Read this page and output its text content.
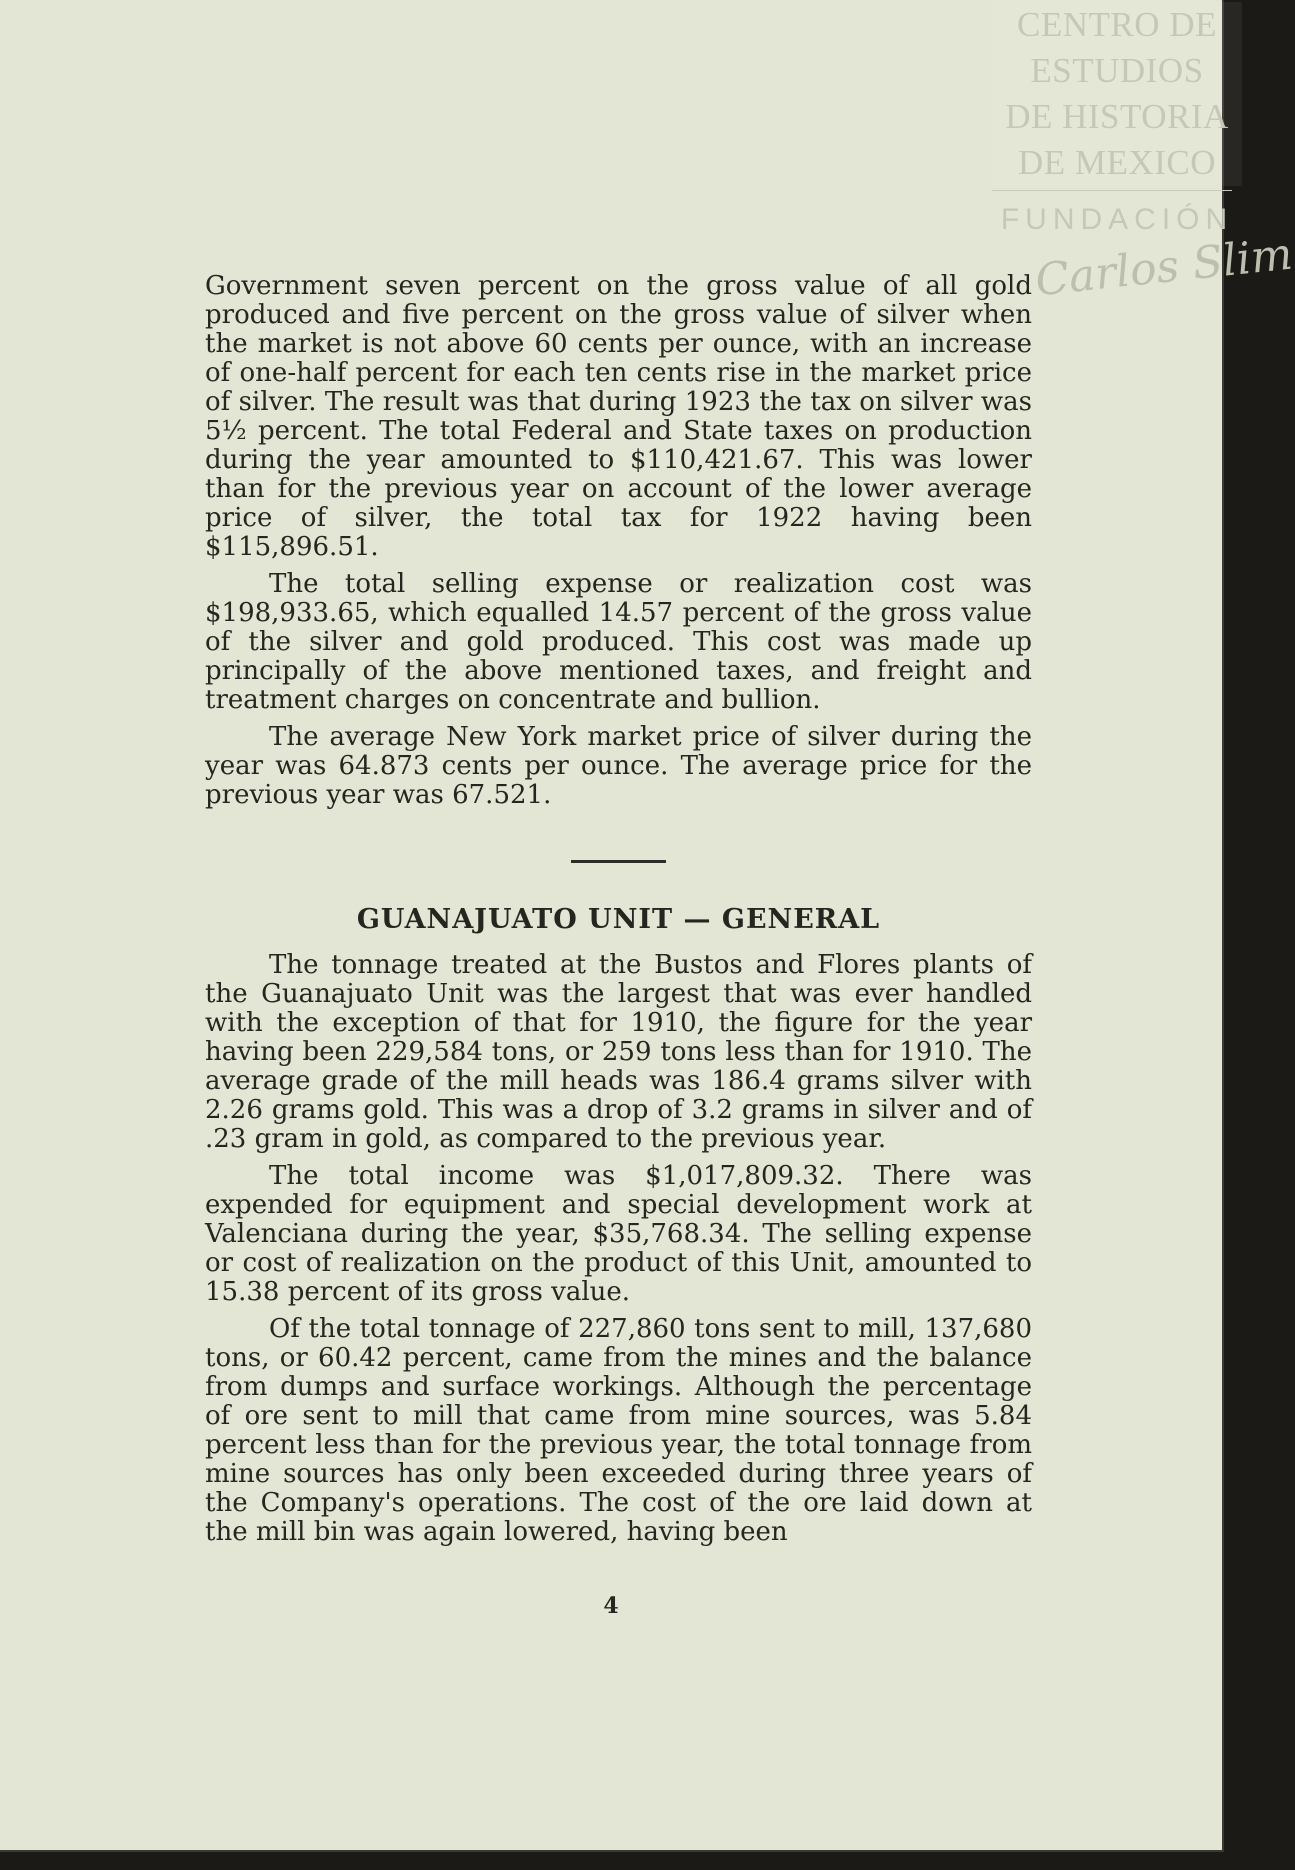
CENTRO DE
ESTUDIOS
DE HISTORIA
DE MEXICO
FUNDACIÓN
Carlos Slim

Government seven percent on the gross value of all gold produced and five percent on the gross value of silver when the market is not above 60 cents per ounce, with an increase of one-half percent for each ten cents rise in the market price of silver. The result was that during 1923 the tax on silver was 5½ percent. The total Federal and State taxes on production during the year amounted to $110,421.67. This was lower than for the previous year on account of the lower average price of silver, the total tax for 1922 having been $115,896.51.

The total selling expense or realization cost was $198,933.65, which equalled 14.57 percent of the gross value of the silver and gold produced. This cost was made up principally of the above mentioned taxes, and freight and treatment charges on concentrate and bullion.

The average New York market price of silver during the year was 64.873 cents per ounce. The average price for the previous year was 67.521.

GUANAJUATO UNIT — GENERAL

The tonnage treated at the Bustos and Flores plants of the Guanajuato Unit was the largest that was ever handled with the exception of that for 1910, the figure for the year having been 229,584 tons, or 259 tons less than for 1910. The average grade of the mill heads was 186.4 grams silver with 2.26 grams gold. This was a drop of 3.2 grams in silver and of .23 gram in gold, as compared to the previous year.

The total income was $1,017,809.32. There was expended for equipment and special development work at Valenciana during the year, $35,768.34. The selling expense or cost of realization on the product of this Unit, amounted to 15.38 percent of its gross value.

Of the total tonnage of 227,860 tons sent to mill, 137,680 tons, or 60.42 percent, came from the mines and the balance from dumps and surface workings. Although the percentage of ore sent to mill that came from mine sources, was 5.84 percent less than for the previous year, the total tonnage from mine sources has only been exceeded during three years of the Company's operations. The cost of the ore laid down at the mill bin was again lowered, having been

4
